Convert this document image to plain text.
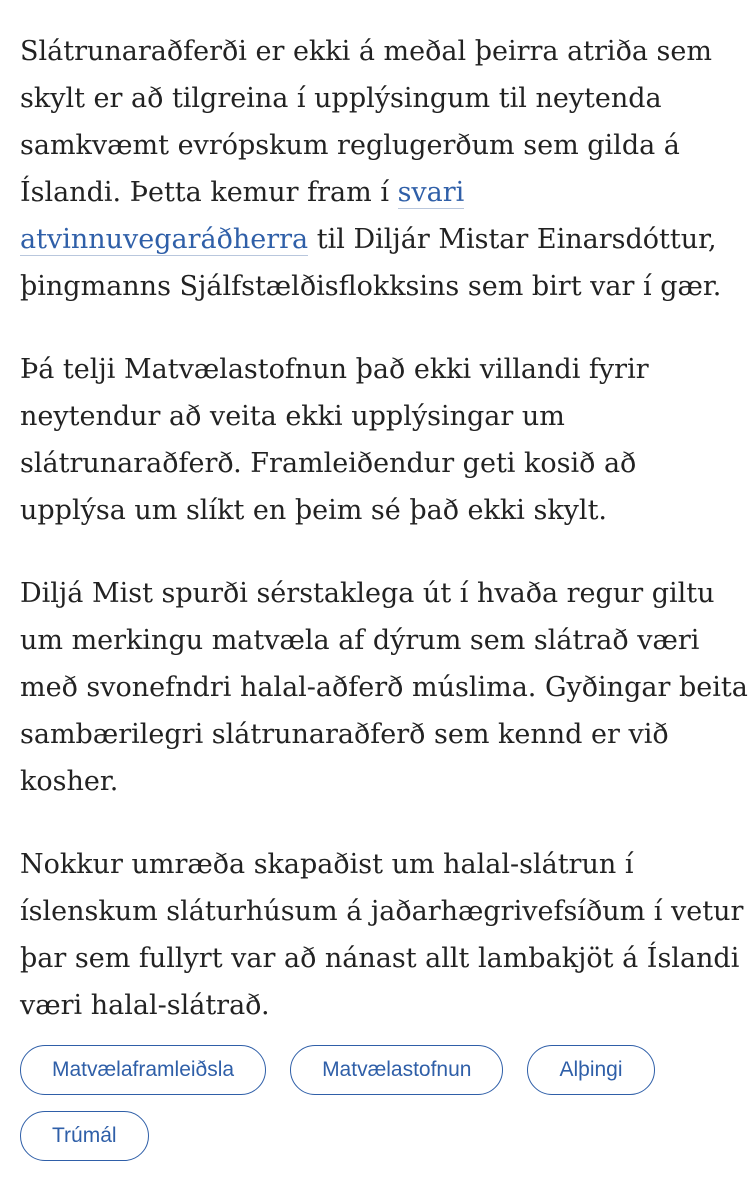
Slátrunaraðferði er ekki á meðal þeirra atriða sem skylt er að tilgreina í upplýsingum til neytenda samkvæmt evrópskum reglugerðum sem gilda á Íslandi. Þetta kemur fram í svari atvinnuvegaráðherra til Diljár Mistar Einarsdóttur, þingmanns Sjálfstælðisflokksins sem birt var í gær.

Þá telji Matvælastofnun það ekki villandi fyrir neytendur að veita ekki upplýsingar um slátrunaraðferð. Framleiðendur geti kosið að upplýsa um slíkt en þeim sé það ekki skylt.

Diljá Mist spurði sérstaklega út í hvaða regur giltu um merkingu matvæla af dýrum sem slátrað væri með svonefndri halal-aðferð múslima. Gyðingar beita sambærilegri slátrunaraðferð sem kennd er við kosher.

Nokkur umræða skapaðist um halal-slátrun í íslenskum sláturhúsum á jaðarhægrivefsíðum í vetur þar sem fullyrt var að nánast allt lambakjöt á Íslandi væri halal-slátrað.

Matvælaframleiðsla	Matvælastofnun	Alþingi
Trúmál
